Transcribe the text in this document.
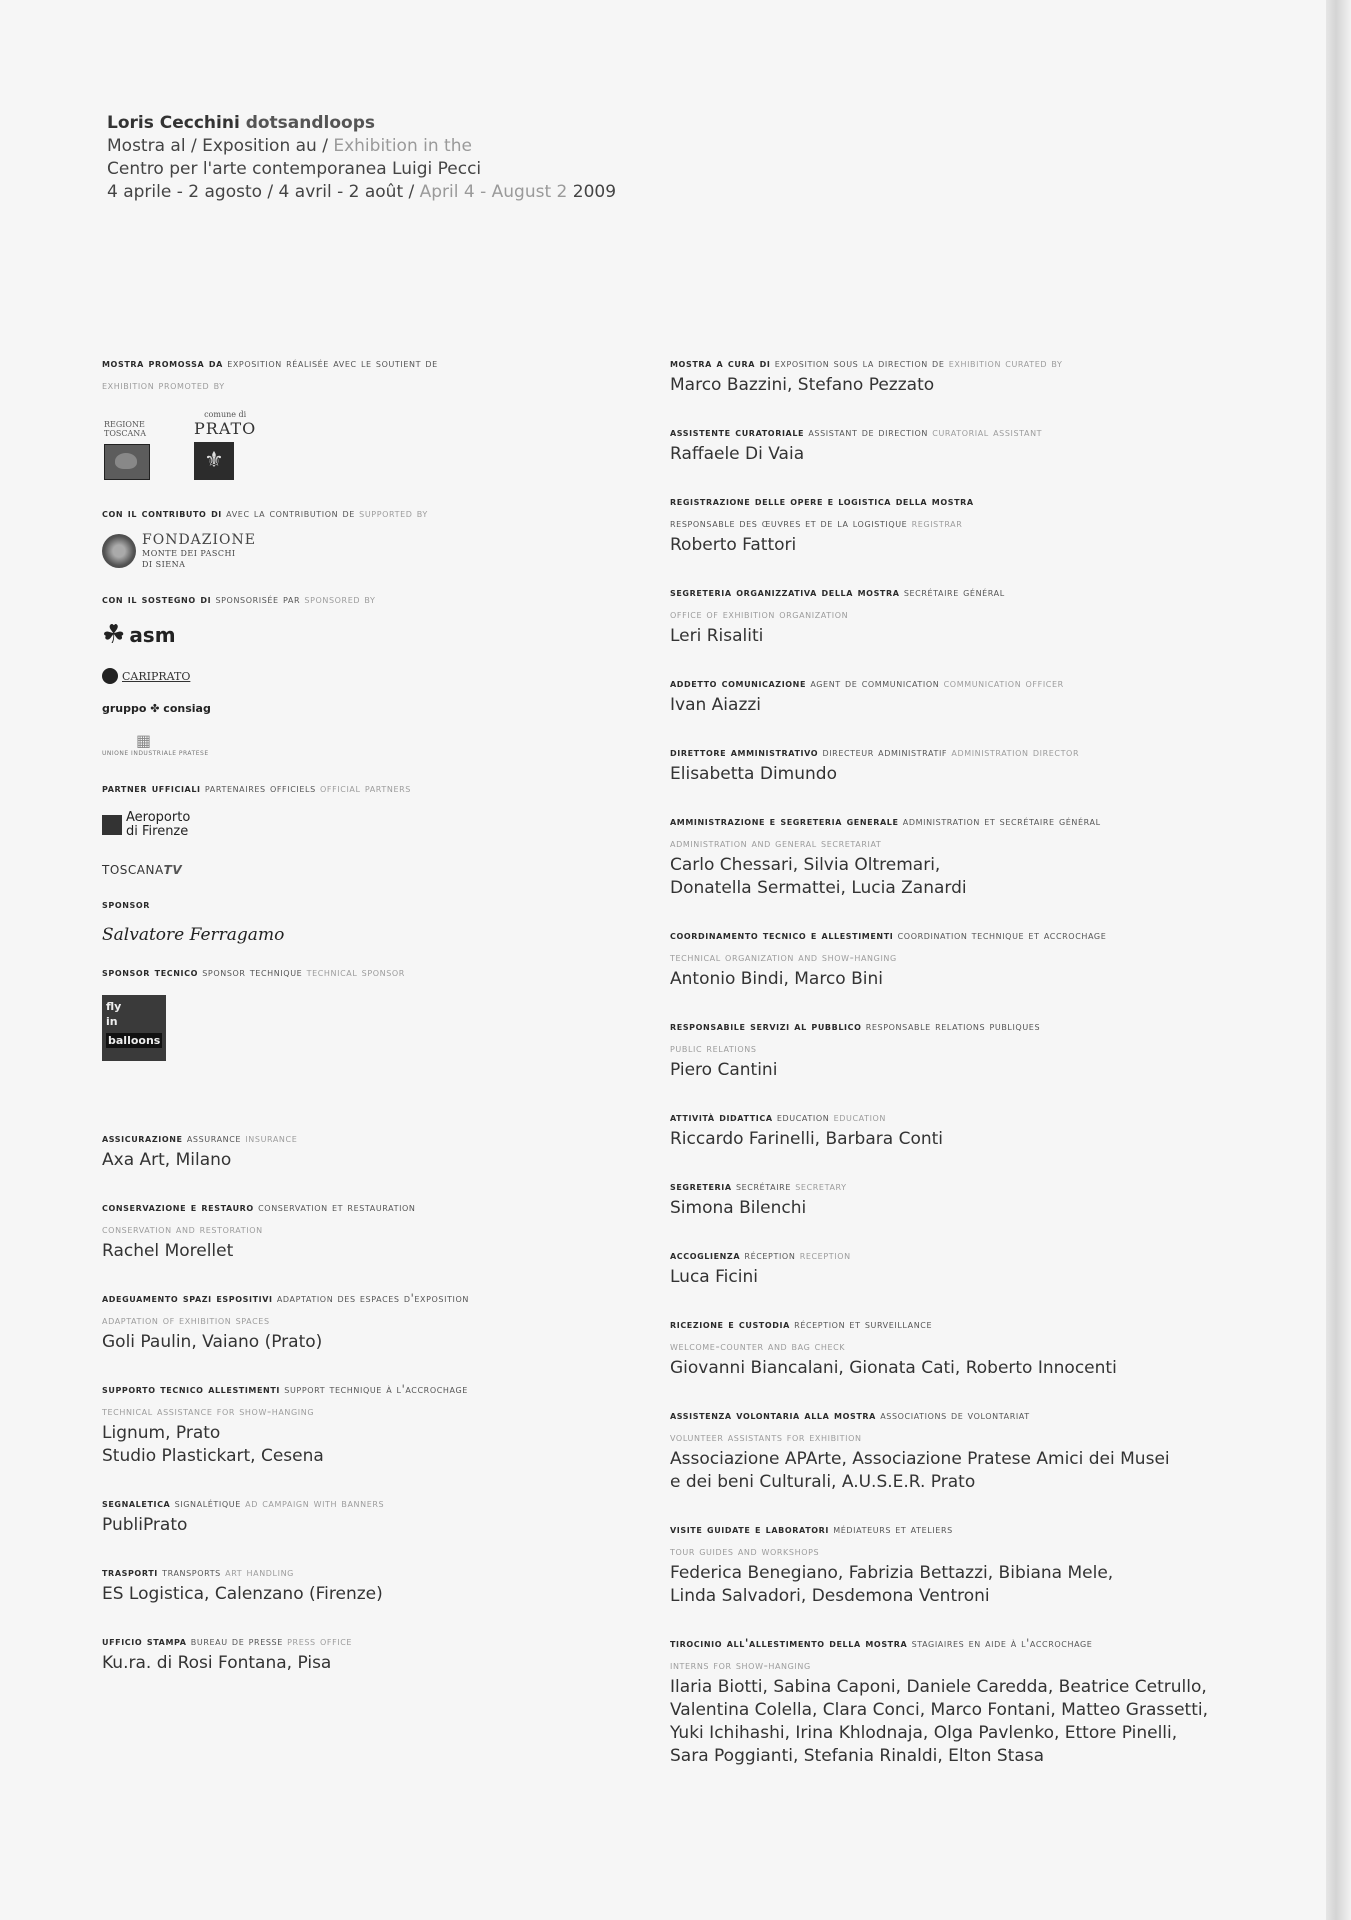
Loris Cecchini dotsandloops
Mostra al / Exposition au / Exhibition in the
Centro per l'arte contemporanea Luigi Pecci
4 aprile - 2 agosto / 4 avril - 2 août / April 4 - August 2 2009
mostra promossa da exposition réalisée avec le soutient de
exhibition promoted by
REGIONE TOSCANA
comune di
PRATO
⚜
con il contributo di avec la contribution de supported by
FONDAZIONE
MONTE DEI PASCHI
DI SIENA
con il sostegno di sponsorisée par sponsored by
☘ asm
CARIPRATO
gruppo ✤ consiag
▦
UNIONE INDUSTRIALE PRATESE
partner ufficiali partenaires officiels official partners
Aeroporto
di Firenze
TOSCANATV
sponsor
Salvatore Ferragamo
sponsor tecnico sponsor technique technical sponsor
fly
in
balloons
assicurazione assurance insurance
Axa Art, Milano
conservazione e restauro conservation et restauration
conservation and restoration
Rachel Morellet
adeguamento spazi espositivi adaptation des espaces d'exposition
adaptation of exhibition spaces
Goli Paulin, Vaiano (Prato)
supporto tecnico allestimenti support technique à l'accrochage
technical assistance for show-hanging
Lignum, Prato
Studio Plastickart, Cesena
segnaletica signalétique ad campaign with banners
PubliPrato
trasporti transports art handling
ES Logistica, Calenzano (Firenze)
ufficio stampa bureau de presse press office
Ku.ra. di Rosi Fontana, Pisa
mostra a cura di exposition sous la direction de exhibition curated by
Marco Bazzini, Stefano Pezzato
assistente curatoriale assistant de direction curatorial assistant
Raffaele Di Vaia
registrazione delle opere e logistica della mostra
responsable des œuvres et de la logistique registrar
Roberto Fattori
segreteria organizzativa della mostra secrétaire général
office of exhibition organization
Leri Risaliti
addetto comunicazione agent de communication communication officer
Ivan Aiazzi
direttore amministrativo directeur administratif administration director
Elisabetta Dimundo
amministrazione e segreteria generale administration et secrétaire général
administration and general secretariat
Carlo Chessari, Silvia Oltremari,
Donatella Sermattei, Lucia Zanardi
coordinamento tecnico e allestimenti coordination technique et accrochage
technical organization and show-hanging
Antonio Bindi, Marco Bini
responsabile servizi al pubblico responsable relations publiques
public relations
Piero Cantini
attività didattica education education
Riccardo Farinelli, Barbara Conti
segreteria secrétaire secretary
Simona Bilenchi
accoglienza réception reception
Luca Ficini
ricezione e custodia réception et surveillance
welcome-counter and bag check
Giovanni Biancalani, Gionata Cati, Roberto Innocenti
assistenza volontaria alla mostra associations de volontariat
volunteer assistants for exhibition
Associazione APArte, Associazione Pratese Amici dei Musei
e dei beni Culturali, A.U.S.E.R. Prato
visite guidate e laboratori médiateurs et ateliers
tour guides and workshops
Federica Benegiano, Fabrizia Bettazzi, Bibiana Mele,
Linda Salvadori, Desdemona Ventroni
tirocinio all'allestimento della mostra stagiaires en aide à l'accrochage
interns for show-hanging
Ilaria Biotti, Sabina Caponi, Daniele Caredda, Beatrice Cetrullo,
Valentina Colella, Clara Conci, Marco Fontani, Matteo Grassetti,
Yuki Ichihashi, Irina Khlodnaja, Olga Pavlenko, Ettore Pinelli,
Sara Poggianti, Stefania Rinaldi, Elton Stasa
